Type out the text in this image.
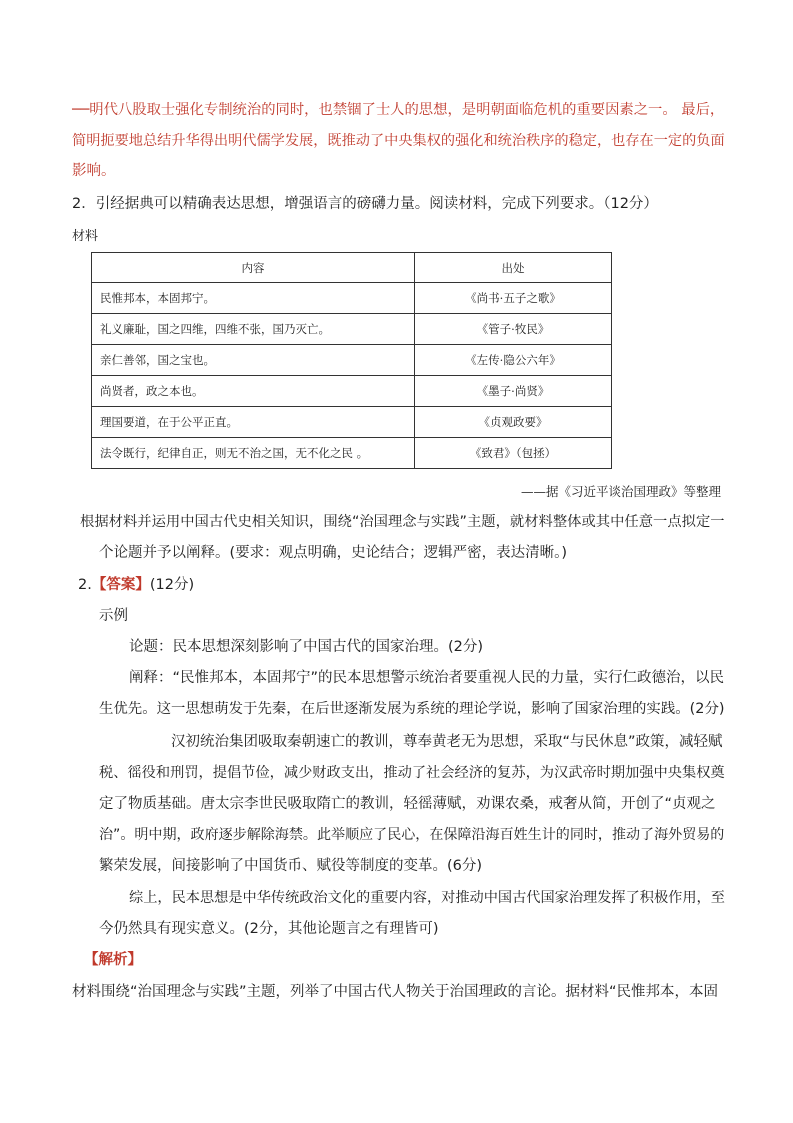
──明代八股取士强化专制统治的同时，也禁锢了士人的思想，是明朝面临危机的重要因素之一。 最后，
简明扼要地总结升华得出明代儒学发展，既推动了中央集权的强化和统治秩序的稳定，也存在一定的负面
影响。
2．引经据典可以精确表达思想，增强语言的磅礴力量。阅读材料，完成下列要求。（12分）
材料
内容	出处
民惟邦本，本固邦宁。	《尚书·五子之歌》
礼义廉耻，国之四维，四维不张，国乃灭亡。	《管子·牧民》
亲仁善邻，国之宝也。	《左传·隐公六年》
尚贤者，政之本也。	《墨子·尚贤》
理国要道，在于公平正直。	《贞观政要》
法令既行，纪律自正，则无不治之国，无不化之民 。	《致君》（包拯）
——据《习近平谈治国理政》等整理
根据材料并运用中国古代史相关知识，围绕“治国理念与实践”主题，就材料整体或其中任意一点拟定一
个论题并予以阐释。(要求：观点明确，史论结合；逻辑严密，表达清晰。)
2.【答案】(12分)
示例
论题：民本思想深刻影响了中国古代的国家治理。(2分)
阐释：“民惟邦本，本固邦宁”的民本思想警示统治者要重视人民的力量，实行仁政德治，以民
生优先。这一思想萌发于先秦，在后世逐渐发展为系统的理论学说，影响了国家治理的实践。(2分)
汉初统治集团吸取秦朝速亡的教训，尊奉黄老无为思想，采取“与民休息”政策，减轻赋
税、徭役和刑罚，提倡节俭，减少财政支出，推动了社会经济的复苏，为汉武帝时期加强中央集权奠
定了物质基础。唐太宗李世民吸取隋亡的教训，轻徭薄赋，劝课农桑，戒奢从简，开创了“贞观之
治”。明中期，政府逐步解除海禁。此举顺应了民心，在保障沿海百姓生计的同时，推动了海外贸易的
繁荣发展，间接影响了中国货币、赋役等制度的变革。(6分)
综上，民本思想是中华传统政治文化的重要内容，对推动中国古代国家治理发挥了积极作用，至
今仍然具有现实意义。(2分，其他论题言之有理皆可)
【解析】
材料围绕“治国理念与实践”主题，列举了中国古代人物关于治国理政的言论。据材料“民惟邦本，本固
